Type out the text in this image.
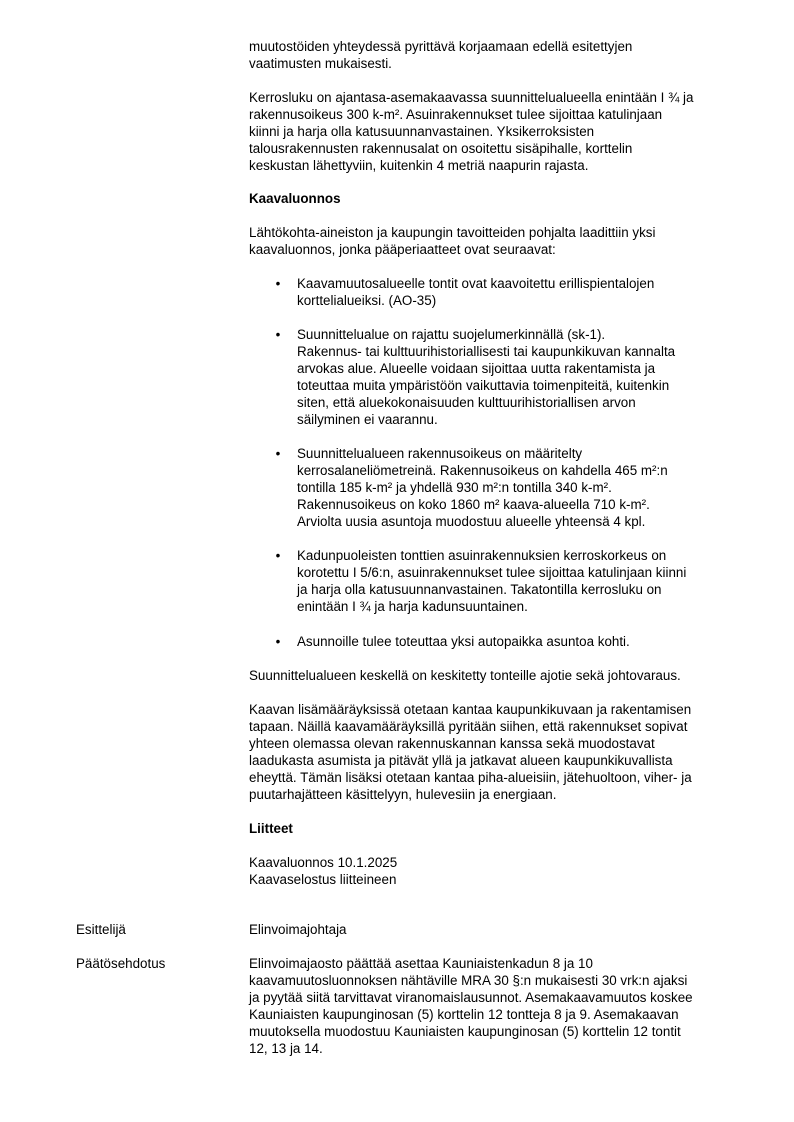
muutostöiden yhteydessä pyrittävä korjaamaan edellä esitettyjen
vaatimusten mukaisesti.
Kerrosluku on ajantasa-asemakaavassa suunnittelualueella enintään I ¾ ja
rakennusoikeus 300 k-m². Asuinrakennukset tulee sijoittaa katulinjaan
kiinni ja harja olla katusuunnanvastainen. Yksikerroksisten
talousrakennusten rakennusalat on osoitettu sisäpihalle, korttelin
keskustan lähettyviin, kuitenkin 4 metriä naapurin rajasta.
Kaavaluonnos
Lähtökohta-aineiston ja kaupungin tavoitteiden pohjalta laadittiin yksi
kaavaluonnos, jonka pääperiaatteet ovat seuraavat:
• Kaavamuutosalueelle tontit ovat kaavoitettu erillispientalojen
korttelialueiksi. (AO-35)
• Suunnittelualue on rajattu suojelumerkinnällä (sk-1).
Rakennus- tai kulttuurihistoriallisesti tai kaupunkikuvan kannalta
arvokas alue. Alueelle voidaan sijoittaa uutta rakentamista ja
toteuttaa muita ympäristöön vaikuttavia toimenpiteitä, kuitenkin
siten, että aluekokonaisuuden kulttuurihistoriallisen arvon
säilyminen ei vaarannu.
• Suunnittelualueen rakennusoikeus on määritelty
kerrosalaneliömetreinä. Rakennusoikeus on kahdella 465 m²:n
tontilla 185 k-m² ja yhdellä 930 m²:n tontilla 340 k-m².
Rakennusoikeus on koko 1860 m² kaava-alueella 710 k-m².
Arviolta uusia asuntoja muodostuu alueelle yhteensä 4 kpl.
• Kadunpuoleisten tonttien asuinrakennuksien kerroskorkeus on
korotettu I 5/6:n, asuinrakennukset tulee sijoittaa katulinjaan kiinni
ja harja olla katusuunnanvastainen. Takatontilla kerrosluku on
enintään I ¾ ja harja kadunsuuntainen.
• Asunnoille tulee toteuttaa yksi autopaikka asuntoa kohti.
Suunnittelualueen keskellä on keskitetty tonteille ajotie sekä johtovaraus.
Kaavan lisämääräyksissä otetaan kantaa kaupunkikuvaan ja rakentamisen
tapaan. Näillä kaavamääräyksillä pyritään siihen, että rakennukset sopivat
yhteen olemassa olevan rakennuskannan kanssa sekä muodostavat
laadukasta asumista ja pitävät yllä ja jatkavat alueen kaupunkikuvallista
eheyttä. Tämän lisäksi otetaan kantaa piha-alueisiin, jätehuoltoon, viher- ja
puutarhajätteen käsittelyyn, hulevesiin ja energiaan.
Liitteet
Kaavaluonnos 10.1.2025
Kaavaselostus liitteineen
Esittelijä	Elinvoimajohtaja
Päätösehdotus	Elinvoimajaosto päättää asettaa Kauniaistenkadun 8 ja 10
kaavamuutosluonnoksen nähtäville MRA 30 §:n mukaisesti 30 vrk:n ajaksi
ja pyytää siitä tarvittavat viranomaislausunnot. Asemakaavamuutos koskee
Kauniaisten kaupunginosan (5) korttelin 12 tontteja 8 ja 9. Asemakaavan
muutoksella muodostuu Kauniaisten kaupunginosan (5) korttelin 12 tontit
12, 13 ja 14.
